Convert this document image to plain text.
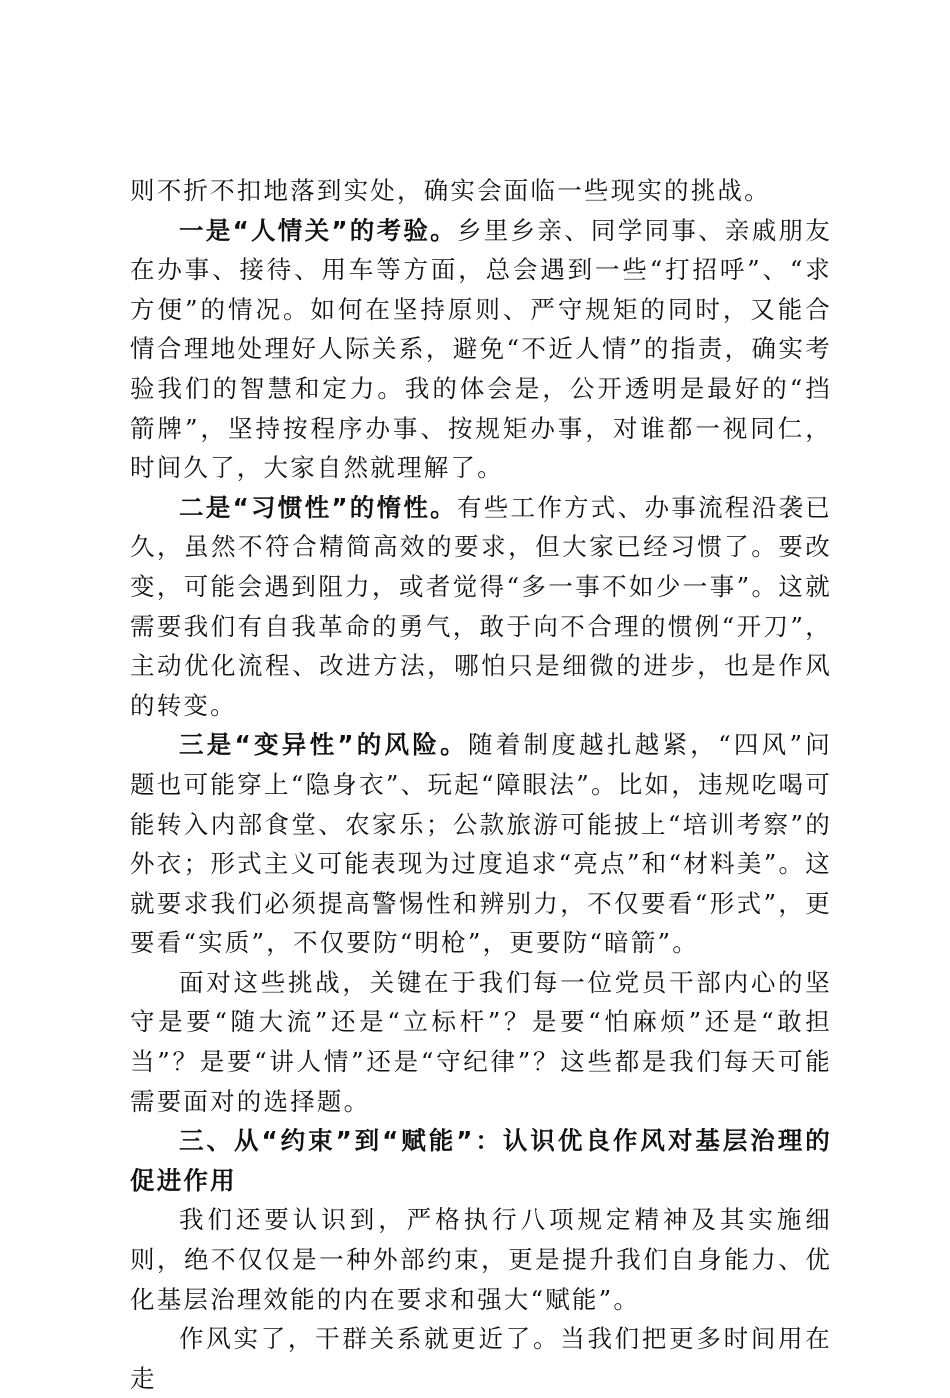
则不折不扣地落到实处，确实会面临一些现实的挑战。

一是“人情关”的考验。乡里乡亲、同学同事、亲戚朋友在办事、接待、用车等方面，总会遇到一些“打招呼”、“求方便”的情况。如何在坚持原则、严守规矩的同时，又能合情合理地处理好人际关系，避免“不近人情”的指责，确实考验我们的智慧和定力。我的体会是，公开透明是最好的“挡箭牌”，坚持按程序办事、按规矩办事，对谁都一视同仁，时间久了，大家自然就理解了。

二是“习惯性”的惰性。有些工作方式、办事流程沿袭已久，虽然不符合精简高效的要求，但大家已经习惯了。要改变，可能会遇到阻力，或者觉得“多一事不如少一事”。这就需要我们有自我革命的勇气，敢于向不合理的惯例“开刀”，主动优化流程、改进方法，哪怕只是细微的进步，也是作风的转变。

三是“变异性”的风险。随着制度越扎越紧，“四风”问题也可能穿上“隐身衣”、玩起“障眼法”。比如，违规吃喝可能转入内部食堂、农家乐；公款旅游可能披上“培训考察”的外衣；形式主义可能表现为过度追求“亮点”和“材料美”。这就要求我们必须提高警惕性和辨别力，不仅要看“形式”，更要看“实质”，不仅要防“明枪”，更要防“暗箭”。

面对这些挑战，关键在于我们每一位党员干部内心的坚守是要“随大流”还是“立标杆”？是要“怕麻烦”还是“敢担当”？是要“讲人情”还是“守纪律”？这些都是我们每天可能需要面对的选择题。

三、从“约束”到“赋能”：认识优良作风对基层治理的促进作用

我们还要认识到，严格执行八项规定精神及其实施细则，绝不仅仅是一种外部约束，更是提升我们自身能力、优化基层治理效能的内在要求和强大“赋能”。

作风实了，干群关系就更近了。当我们把更多时间用在走
